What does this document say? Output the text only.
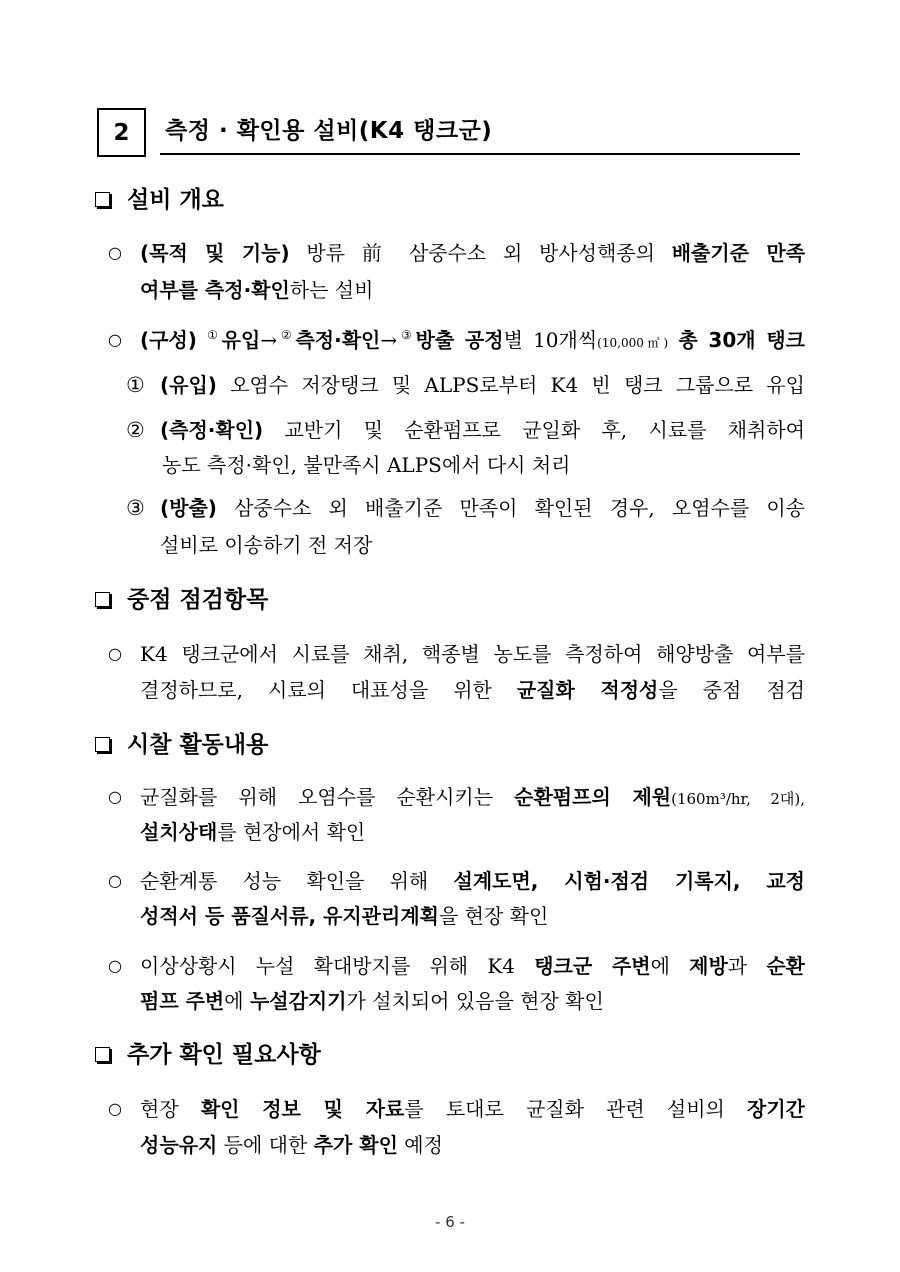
2 측정 · 확인용 설비(K4 탱크군)
설비 개요
○ (목적 및 기능) 방류 前 삼중수소 외 방사성핵종의 배출기준 만족
여부를 측정·확인하는 설비
○ (구성) ①유입→②측정·확인→③방출 공정별 10개씩(10,000㎥) 총 30개 탱크
① (유입) 오염수 저장탱크 및 ALPS로부터 K4 빈 탱크 그룹으로 유입
② (측정·확인) 교반기 및 순환펌프로 균일화 후, 시료를 채취하여
농도 측정·확인, 불만족시 ALPS에서 다시 처리
③ (방출) 삼중수소 외 배출기준 만족이 확인된 경우, 오염수를 이송
설비로 이송하기 전 저장
중점 점검항목
○ K4 탱크군에서 시료를 채취, 핵종별 농도를 측정하여 해양방출 여부를
결정하므로, 시료의 대표성을 위한 균질화 적정성을 중점 점검
시찰 활동내용
○ 균질화를 위해 오염수를 순환시키는 순환펌프의 제원(160m³/hr, 2대),
설치상태를 현장에서 확인
○ 순환계통 성능 확인을 위해 설계도면, 시험·점검 기록지, 교정
성적서 등 품질서류, 유지관리계획을 현장 확인
○ 이상상황시 누설 확대방지를 위해 K4 탱크군 주변에 제방과 순환
펌프 주변에 누설감지기가 설치되어 있음을 현장 확인
추가 확인 필요사항
○ 현장 확인 정보 및 자료를 토대로 균질화 관련 설비의 장기간
성능유지 등에 대한 추가 확인 예정
- 6 -
